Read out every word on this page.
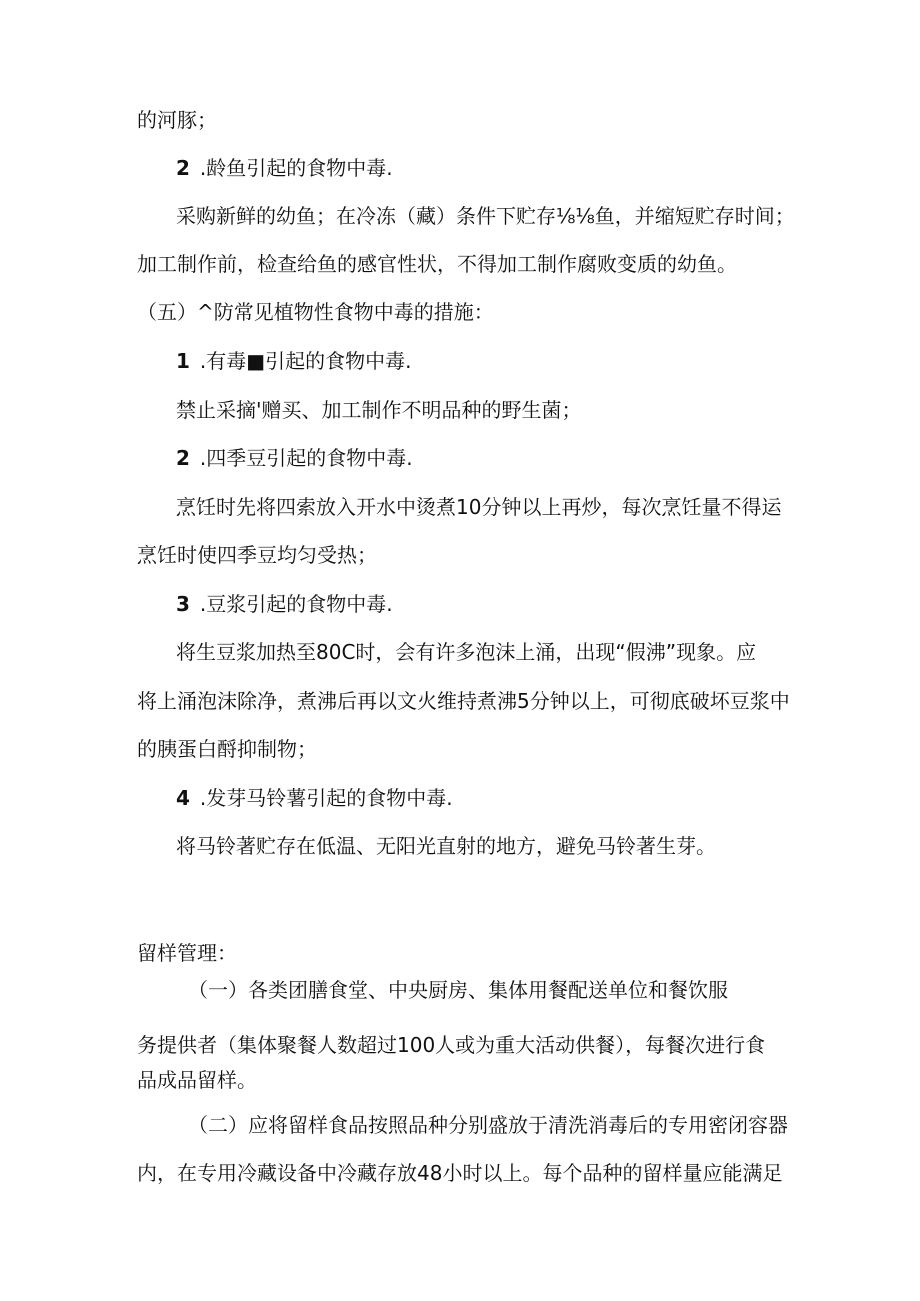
的河豚；
2 .龄鱼引起的食物中毒.
采购新鲜的幼鱼；在冷冻（藏）条件下贮存⅛⅛鱼，并缩短贮存时间；
加工制作前，检查给鱼的感官性状，不得加工制作腐败变质的幼鱼。
（五）^防常见植物性食物中毒的措施：
1 .有毒■引起的食物中毒.
禁止采摘'赠买、加工制作不明品种的野生菌；
2 .四季豆引起的食物中毒.
烹饪时先将四索放入开水中烫煮10分钟以上再炒，每次烹饪量不得运
烹饪时使四季豆均匀受热；
3 .豆浆引起的食物中毒.
将生豆浆加热至80C时，会有许多泡沫上涌，出现“假沸”现象。应
将上涌泡沫除净，煮沸后再以文火维持煮沸5分钟以上，可彻底破坏豆浆中
的胰蛋白酹抑制物；
4 .发芽马铃薯引起的食物中毒.
将马铃著贮存在低温、无阳光直射的地方，避免马铃著生芽。
留样管理：
（一）各类团膳食堂、中央厨房、集体用餐配送单位和餐饮服
务提供者（集体聚餐人数超过100人或为重大活动供餐），每餐次进行食
品成品留样。
（二）应将留样食品按照品种分别盛放于清洗消毒后的专用密闭容器
内，在专用冷藏设备中冷藏存放48小时以上。每个品种的留样量应能满足
